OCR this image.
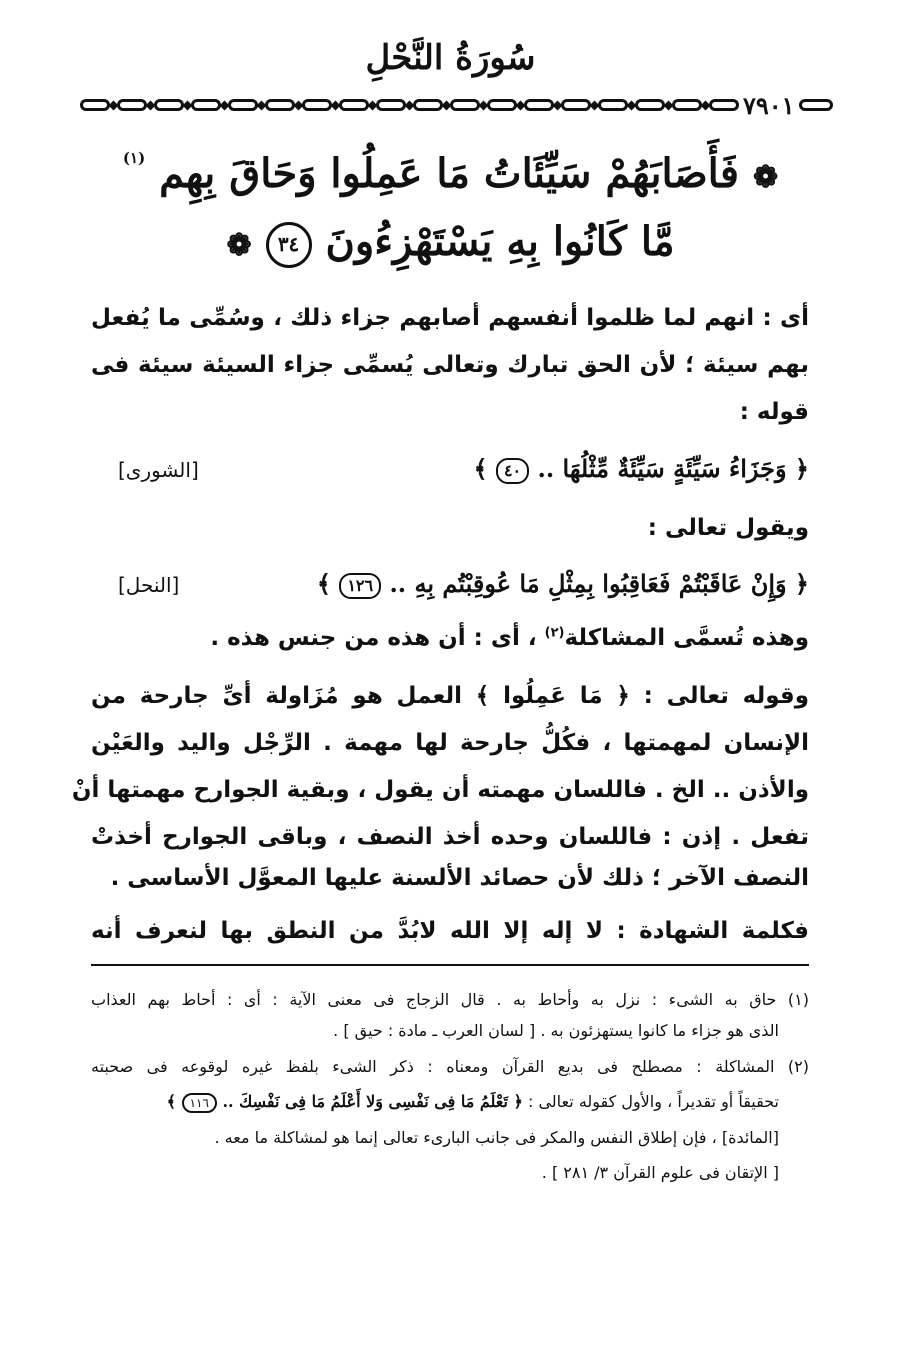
سُورَةُ النَّحْلِ
٧٩٠١
❁ فَأَصَابَهُمْ سَيِّئَاتُ مَا عَمِلُوا وَحَاقَ بِهِم $^{(١)}$
مَّا كَانُوا بِهِ يَسْتَهْزِءُونَ ٣٤ ❁
أى : انهم لما ظلموا أنفسهم أصابهم جزاء ذلك ، وسُمِّى ما يُفعل
بهم سيئة ؛ لأن الحق تبارك وتعالى يُسمِّى جزاء السيئة سيئة فى
قوله :
﴿ وَجَزَاءُ سَيِّئَةٍ سَيِّئَةٌ مِّثْلُهَا .. ٤٠ ﴾
[الشورى]
ويقول تعالى :
﴿ وَإِنْ عَاقَبْتُمْ فَعَاقِبُوا بِمِثْلِ مَا عُوقِبْتُم بِهِ .. ١٢٦ ﴾
[النحل]
وهذه تُسمَّى المشاكلة$^{(٢)}$ ، أى : أن هذه من جنس هذه .
وقوله تعالى : ﴿ مَا عَمِلُوا ﴾ العمل هو مُزَاولة أىِّ جارحة من
الإنسان لمهمتها ، فكُلُّ جارحة لها مهمة . الرِّجْل واليد والعَيْن
والأذن .. الخ . فاللسان مهمته أن يقول ، وبقية الجوارح مهمتها أنْ
تفعل . إذن : فاللسان وحده أخذ النصف ، وباقى الجوارح أخذتْ
النصف الآخر ؛ ذلك لأن حصائد الألسنة عليها المعوَّل الأساسى .
فكلمة الشهادة : لا إله إلا الله لابُدَّ من النطق بها لنعرف أنه
(١) حاق به الشىء : نزل به وأحاط به . قال الزجاج فى معنى الآية : أى : أحاط بهم العذاب
الذى هو جزاء ما كانوا يستهزئون به . [ لسان العرب ـ مادة : حيق ] .
(٢) المشاكلة : مصطلح فى بديع القرآن ومعناه : ذكر الشىء بلفظ غيره لوقوعه فى صحبته
تحقيقاً أو تقديراً ، والأول كقوله تعالى : ﴿ تَعْلَمُ مَا فِى نَفْسِى وَلا أَعْلَمُ مَا فِى نَفْسِكَ .. ١١٦ ﴾
[المائدة] ، فإن إطلاق النفس والمكر فى جانب البارىء تعالى إنما هو لمشاكلة ما معه .
[ الإتقان فى علوم القرآن ٣/ ٢٨١ ] .
